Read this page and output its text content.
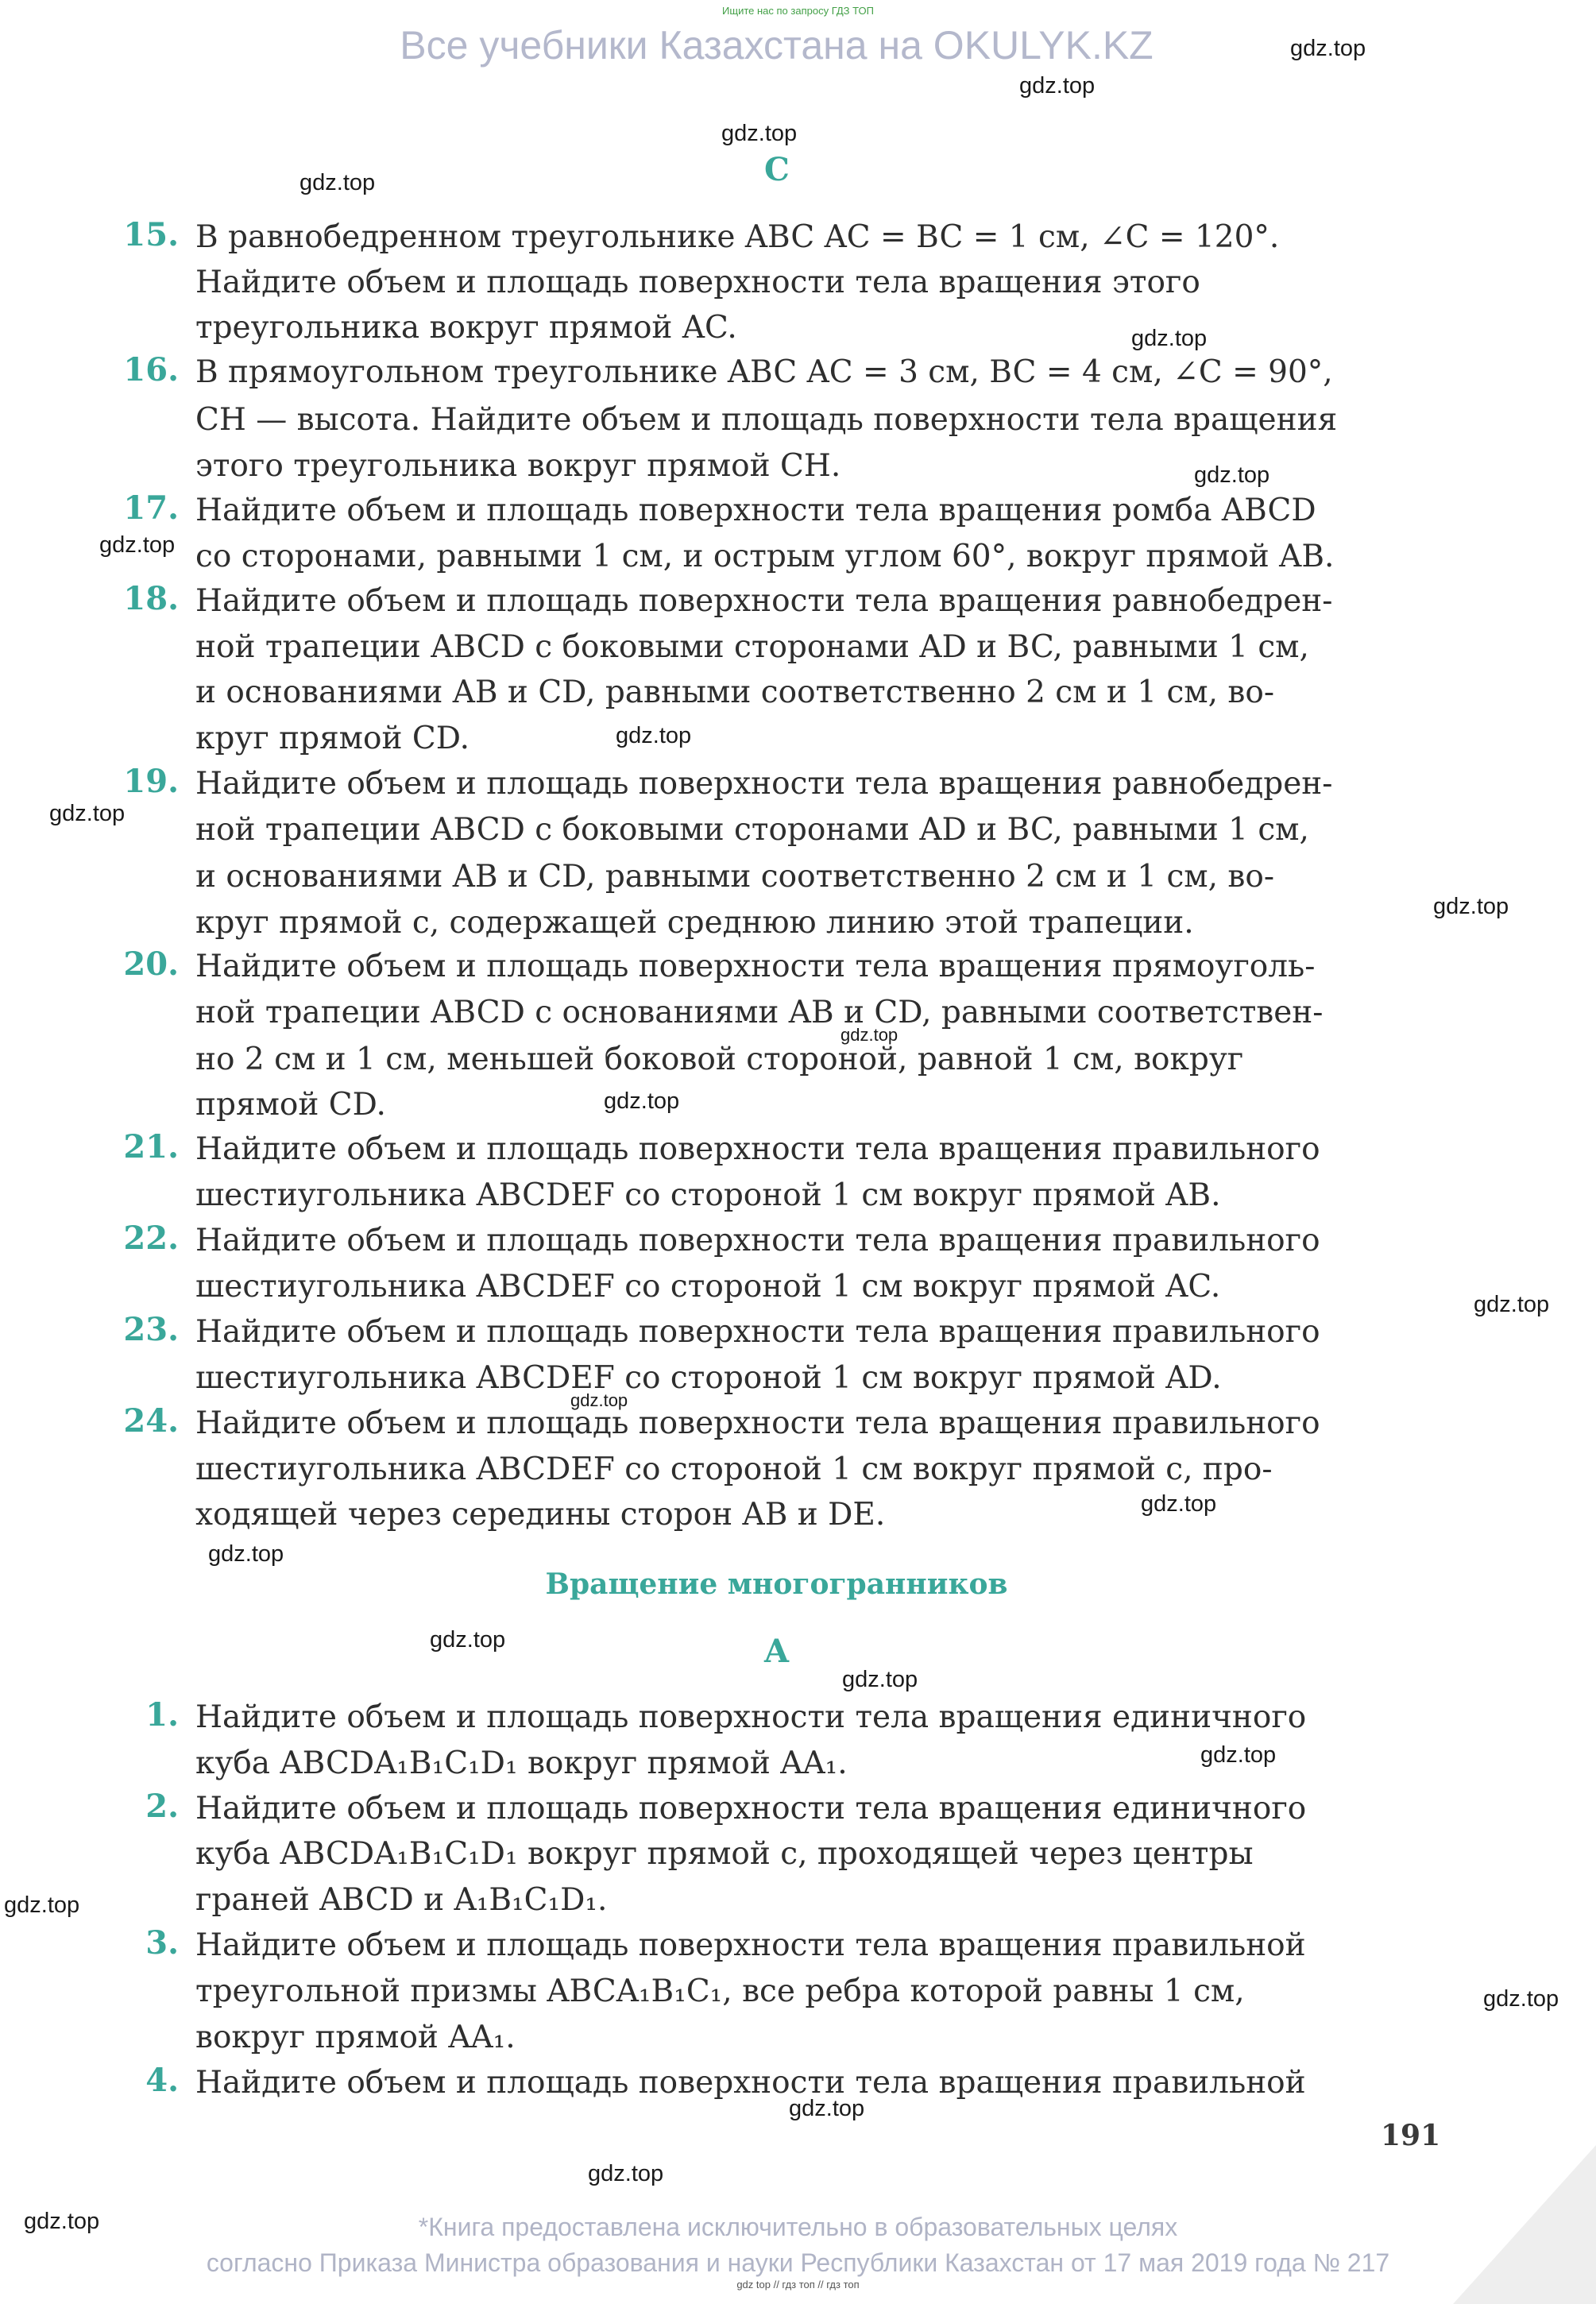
Ищите нас по запросу ГДЗ ТОП
Все учебники Казахстана на OKULYK.KZ	gdz.top
gdz.top
gdz.top
gdz.top
gdz.top
gdz.top
gdz.top
gdz.top
gdz.top
gdz.top
gdz.top
gdz.top
gdz.top
gdz.top
gdz.top
gdz.top
gdz.top
gdz.top
gdz.top
gdz.top
gdz.top
gdz.top
gdz.top
gdz.top
C
15. В равнобедренном треугольнике ABC AC = BC = 1 см, ∠C = 120°.
Найдите объем и площадь поверхности тела вращения этого
треугольника вокруг прямой AC.
16. В прямоугольном треугольнике ABC AC = 3 см, BC = 4 см, ∠C = 90°,
CH — высота. Найдите объем и площадь поверхности тела вращения
этого треугольника вокруг прямой CH.
17. Найдите объем и площадь поверхности тела вращения ромба ABCD
со сторонами, равными 1 см, и острым углом 60°, вокруг прямой AB.
18. Найдите объем и площадь поверхности тела вращения равнобедрен-
ной трапеции ABCD с боковыми сторонами AD и BC, равными 1 см,
и основаниями AB и CD, равными соответственно 2 см и 1 см, во-
круг прямой CD.
19. Найдите объем и площадь поверхности тела вращения равнобедрен-
ной трапеции ABCD с боковыми сторонами AD и BC, равными 1 см,
и основаниями AB и CD, равными соответственно 2 см и 1 см, во-
круг прямой c, содержащей среднюю линию этой трапеции.
20. Найдите объем и площадь поверхности тела вращения прямоуголь-
ной трапеции ABCD с основаниями AB и CD, равными соответствен-
но 2 см и 1 см, меньшей боковой стороной, равной 1 см, вокруг
прямой CD.
21. Найдите объем и площадь поверхности тела вращения правильного
шестиугольника ABCDEF со стороной 1 см вокруг прямой AB.
22. Найдите объем и площадь поверхности тела вращения правильного
шестиугольника ABCDEF со стороной 1 см вокруг прямой AC.
23. Найдите объем и площадь поверхности тела вращения правильного
шестиугольника ABCDEF со стороной 1 см вокруг прямой AD.
24. Найдите объем и площадь поверхности тела вращения правильного
шестиугольника ABCDEF со стороной 1 см вокруг прямой c, про-
ходящей через середины сторон AB и DE.
Вращение многогранников
A
1. Найдите объем и площадь поверхности тела вращения единичного
куба ABCDA₁B₁C₁D₁ вокруг прямой AA₁.
2. Найдите объем и площадь поверхности тела вращения единичного
куба ABCDA₁B₁C₁D₁ вокруг прямой c, проходящей через центры
граней ABCD и A₁B₁C₁D₁.
3. Найдите объем и площадь поверхности тела вращения правильной
треугольной призмы ABCA₁B₁C₁, все ребра которой равны 1 см,
вокруг прямой AA₁.
4. Найдите объем и площадь поверхности тела вращения правильной
191
*Книга предоставлена исключительно в образовательных целях
согласно Приказа Министра образования и науки Республики Казахстан от 17 мая 2019 года № 217
gdz top // гдз топ // гдз топ
